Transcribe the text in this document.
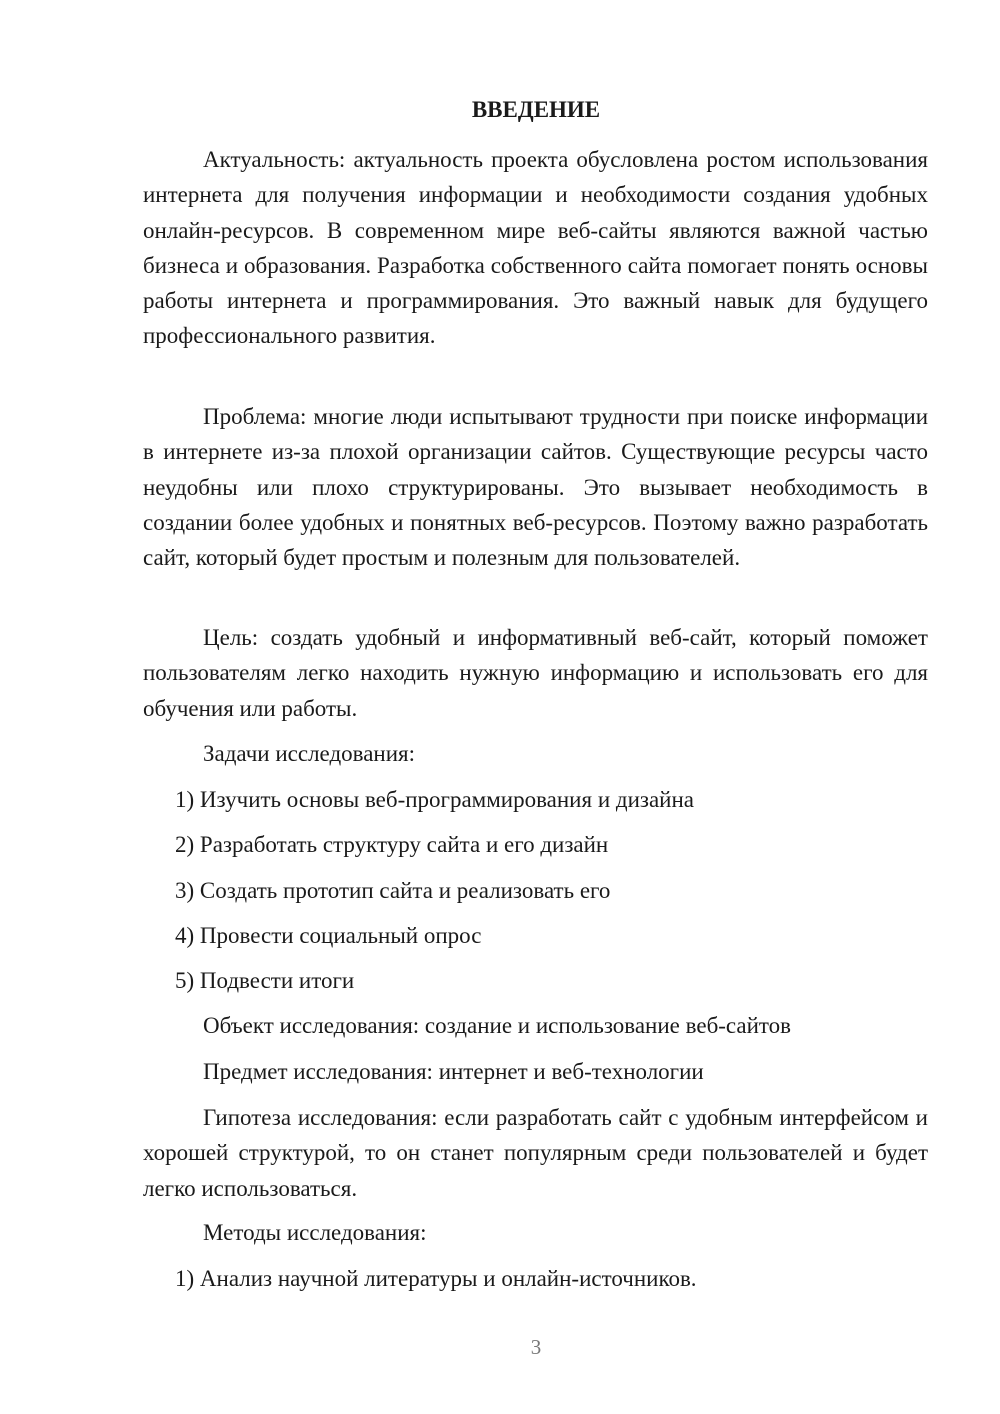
ВВЕДЕНИЕ

Актуальность: актуальность проекта обусловлена ростом использования интернета для получения информации и необходимости создания удобных онлайн-ресурсов. В современном мире веб-сайты являются важной частью бизнеса и образования. Разработка собственного сайта помогает понять основы работы интернета и программирования. Это важный навык для будущего профессионального развития.

Проблема: многие люди испытывают трудности при поиске информации в интернете из-за плохой организации сайтов. Существующие ресурсы часто неудобны или плохо структурированы. Это вызывает необходимость в создании более удобных и понятных веб-ресурсов. Поэтому важно разработать сайт, который будет простым и полезным для пользователей.

Цель: создать удобный и информативный веб-сайт, который поможет пользователям легко находить нужную информацию и использовать его для обучения или работы.

Задачи исследования:

1) Изучить основы веб-программирования и дизайна

2) Разработать структуру сайта и его дизайн

3) Создать прототип сайта и реализовать его

4) Провести социальный опрос

5) Подвести итоги

Объект исследования: создание и использование веб-сайтов

Предмет исследования: интернет и веб-технологии

Гипотеза исследования: если разработать сайт с удобным интерфейсом и хорошей структурой, то он станет популярным среди пользователей и будет легко использоваться.

Методы исследования:

1) Анализ научной литературы и онлайн-источников.

3
